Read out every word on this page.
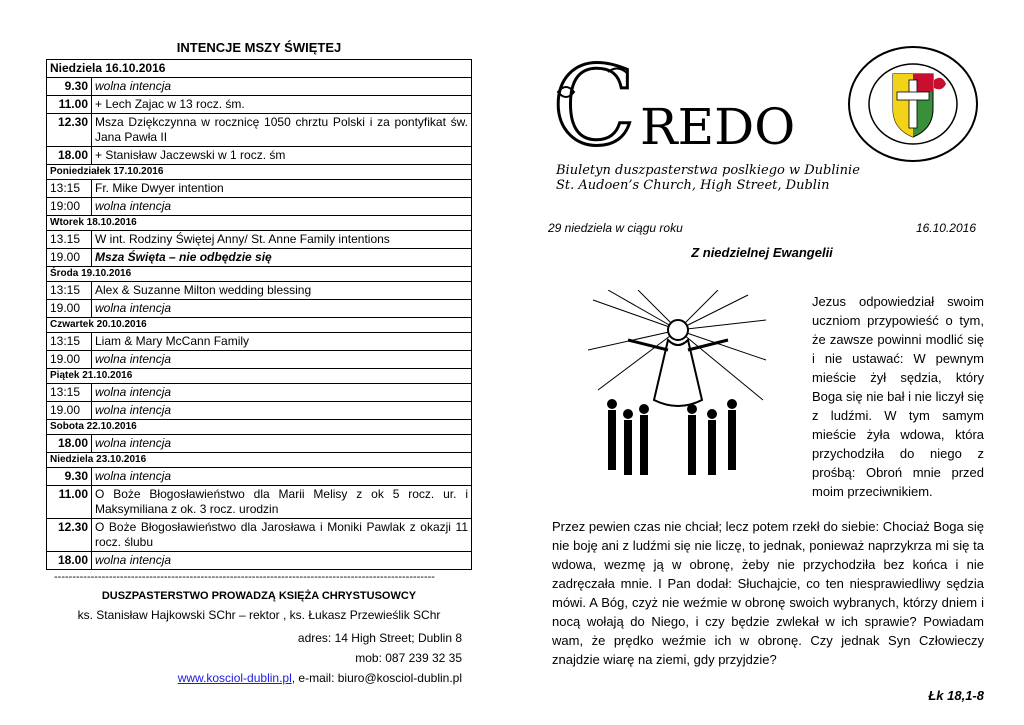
INTENCJE MSZY ŚWIĘTEJ
Niedziela 16.10.2016	
9.30	wolna intencja
11.00	+ Lech Zajac w 13 rocz. śm.
12.30	Msza Dziękczynna w rocznicę 1050 chrztu Polski i za pontyfikat św. Jana Pawła II
18.00	+ Stanisław Jaczewski w 1 rocz. śm
Poniedziałek 17.10.2016	
13:15	Fr. Mike Dwyer intention
19:00	wolna intencja
Wtorek 18.10.2016	
13.15	W int. Rodziny Świętej Anny/ St. Anne Family intentions
19.00	Msza Święta – nie odbędzie się
Środa 19.10.2016	
13:15	Alex & Suzanne Milton wedding blessing
19.00	wolna intencja
Czwartek 20.10.2016	
13:15	Liam & Mary McCann Family
19.00	wolna intencja
Piątek 21.10.2016	
13:15	wolna intencja
19.00	wolna intencja
Sobota 22.10.2016	
18.00	wolna intencja
Niedziela 23.10.2016	
9.30	wolna intencja
11.00	O Boże Błogosławieństwo dla Marii Melisy z ok 5 rocz. ur. i Maksymiliana z ok. 3 rocz. urodzin
12.30	O Boże Błogosławieństwo dla Jarosława i Moniki Pawlak z okazji 11 rocz. ślubu
18.00	wolna intencja
--------------------------------------------------------------------------------------------------------
DUSZPASTERSTWO PROWADZĄ KSIĘŻA CHRYSTUSOWCY
ks. Stanisław Hajkowski SChr – rektor , ks. Łukasz Przewieślik SChr
adres: 14 High Street; Dublin 8
mob: 087 239 32 35
www.kosciol-dublin.pl, e-mail: biuro@kosciol-dublin.pl
C REDO
Biuletyn duszpasterstwa poslkiego w Dublinie
St. Audoen’s Church, High Street, Dublin
29 niedziela w ciągu roku	16.10.2016
Z niedzielnej Ewangelii
Jezus odpowiedział swoim uczniom przypowieść o tym, że zawsze powinni modlić się i nie ustawać: W pewnym mieście żył sędzia, który Boga się nie bał i nie liczył się z ludźmi. W tym samym mieście żyła wdowa, która przychodziła do niego z prośbą: Obroń mnie przed moim przeciwnikiem.
Przez pewien czas nie chciał; lecz potem rzekł do siebie: Chociaż Boga się nie boję ani z ludźmi się nie liczę, to jednak, ponieważ naprzykrza mi się ta wdowa, wezmę ją w obronę, żeby nie przychodziła bez końca i nie zadręczała mnie. I Pan dodał: Słuchajcie, co ten niesprawiedliwy sędzia mówi. A Bóg, czyż nie weźmie w obronę swoich wybranych, którzy dniem i nocą wołają do Niego, i czy będzie zwlekał w ich sprawie? Powiadam wam, że prędko weźmie ich w obronę. Czy jednak Syn Człowieczy znajdzie wiarę na ziemi, gdy przyjdzie?
Łk 18,1-8
